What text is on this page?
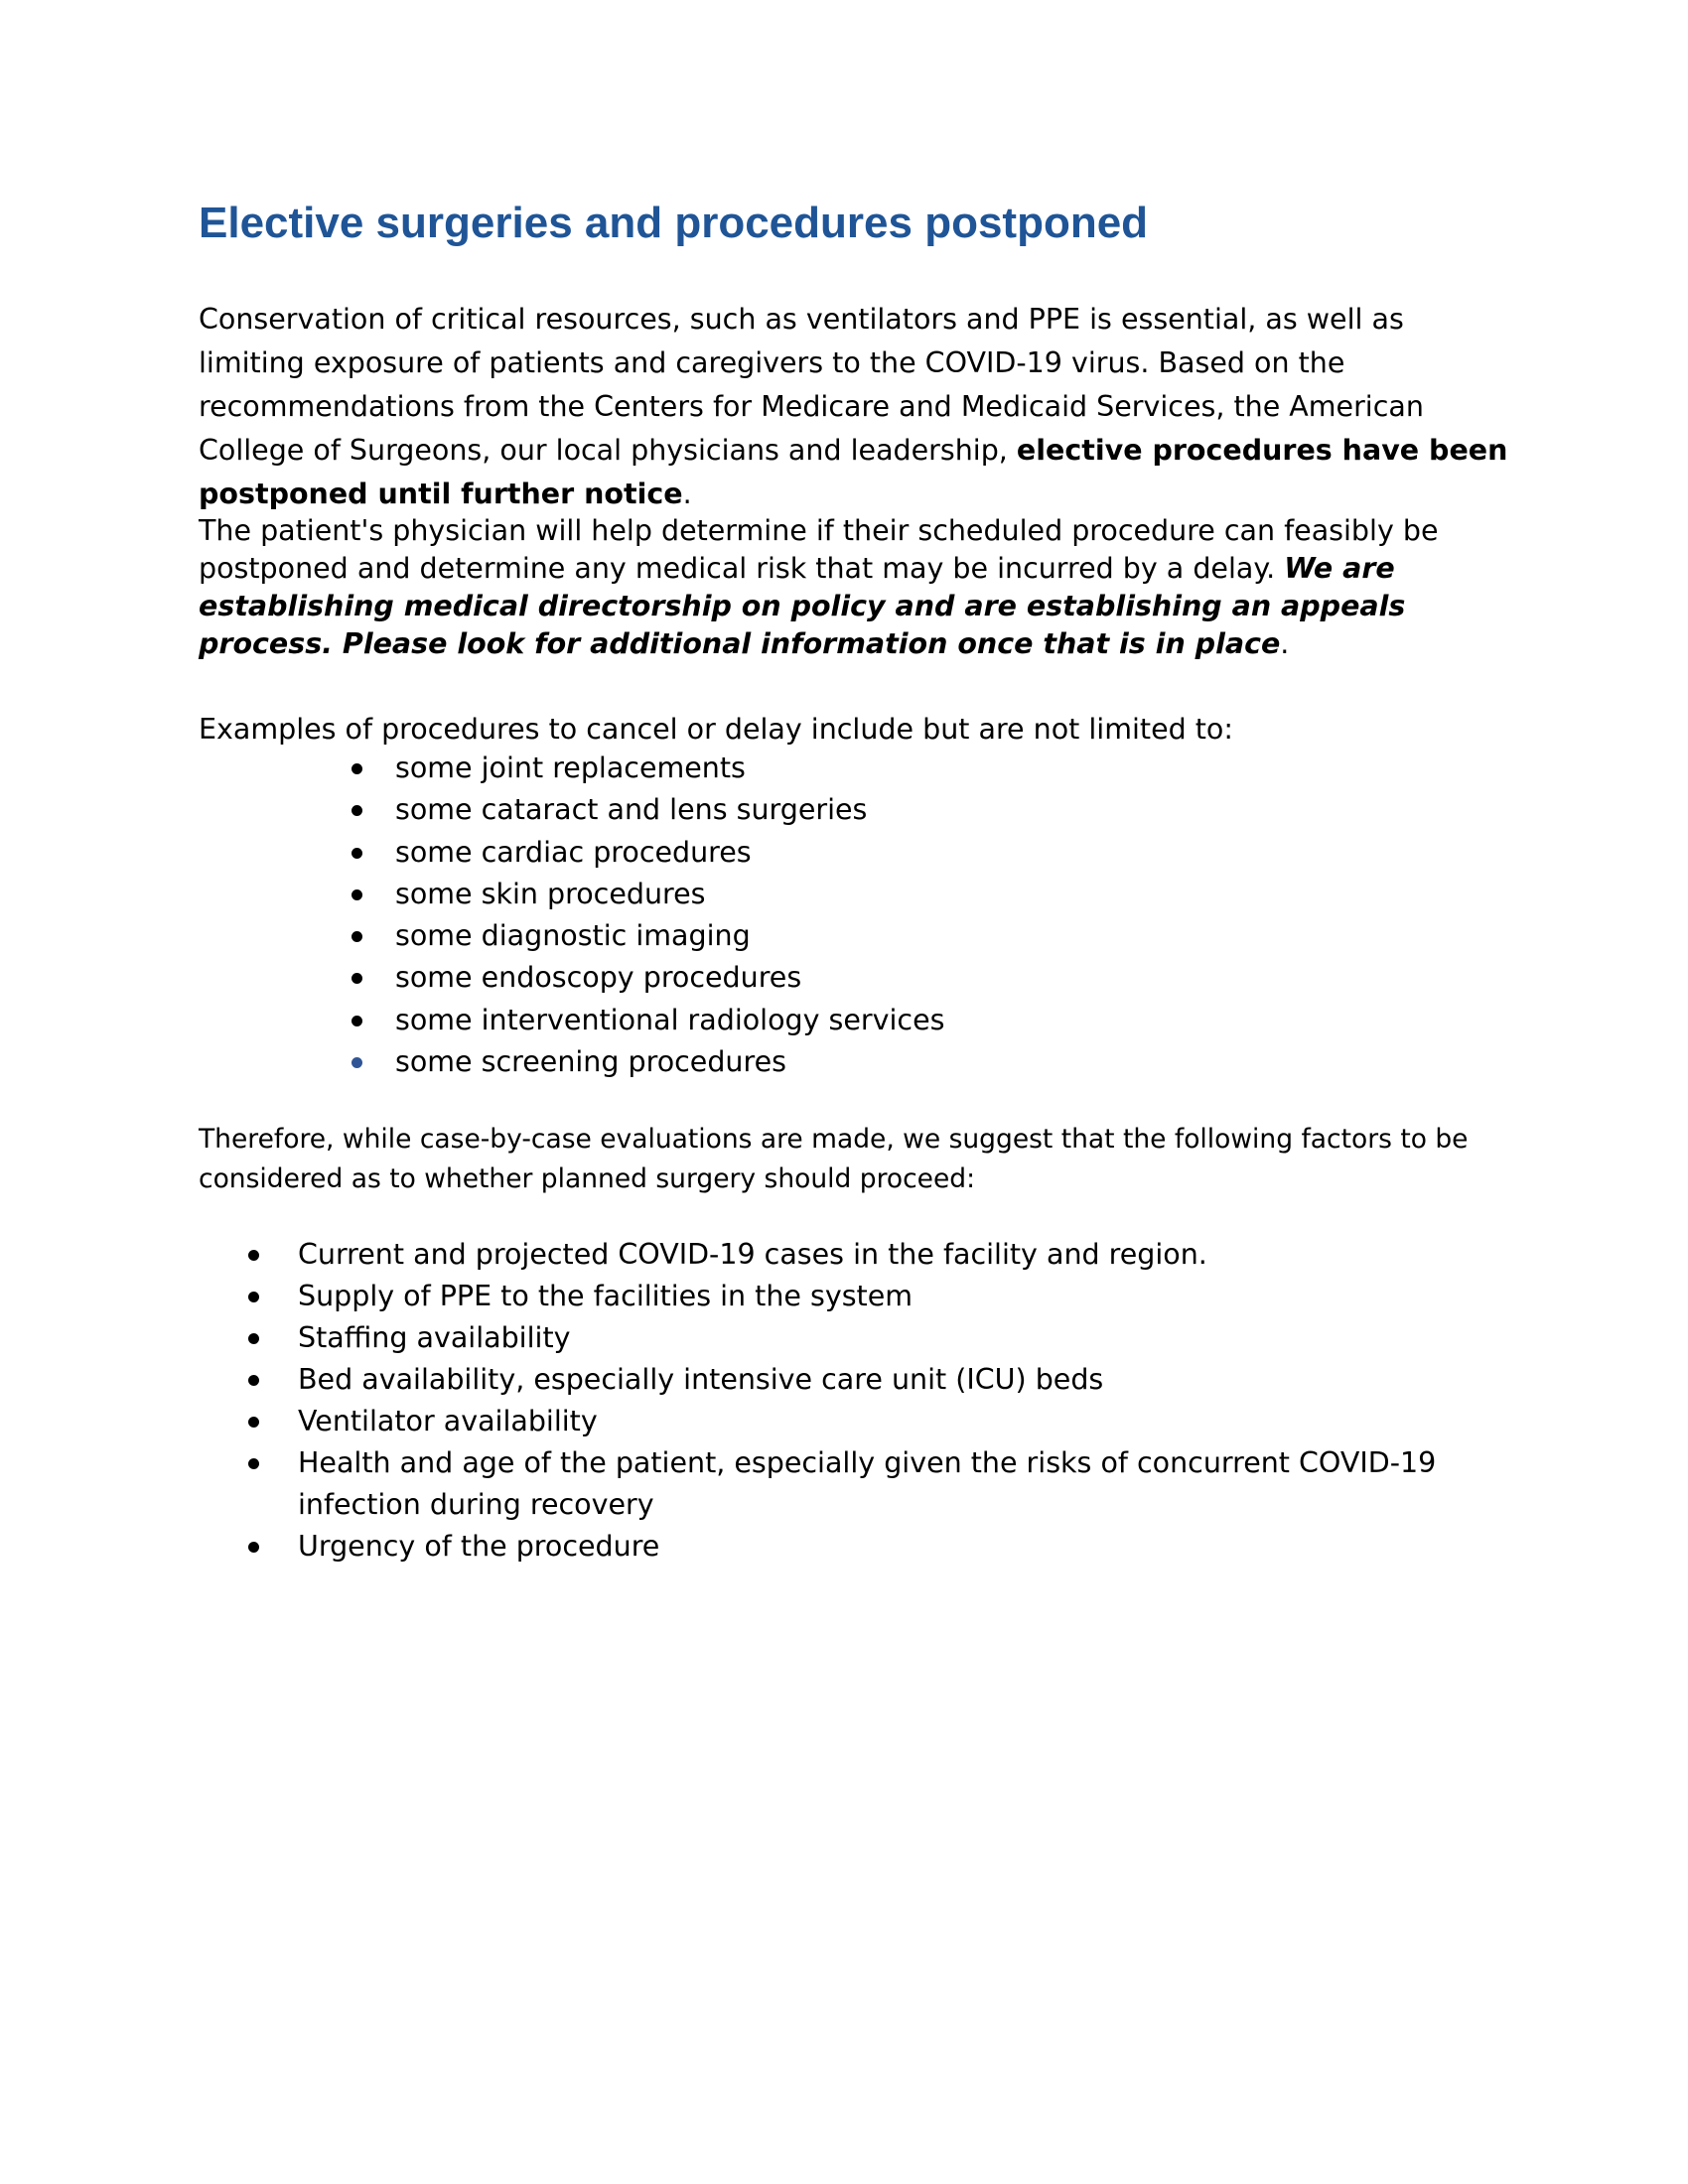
Elective surgeries and procedures postponed

Conservation of critical resources, such as ventilators and PPE is essential, as well as limiting exposure of patients and caregivers to the COVID-19 virus. Based on the recommendations from the Centers for Medicare and Medicaid Services, the American College of Surgeons, our local physicians and leadership, elective procedures have been postponed until further notice.

The patient's physician will help determine if their scheduled procedure can feasibly be postponed and determine any medical risk that may be incurred by a delay. We are establishing medical directorship on policy and are establishing an appeals process. Please look for additional information once that is in place.

Examples of procedures to cancel or delay include but are not limited to:

some joint replacements
some cataract and lens surgeries
some cardiac procedures
some skin procedures
some diagnostic imaging
some endoscopy procedures
some interventional radiology services
some screening procedures

Therefore, while case-by-case evaluations are made, we suggest that the following factors to be considered as to whether planned surgery should proceed:

Current and projected COVID-19 cases in the facility and region.
Supply of PPE to the facilities in the system
Staffing availability
Bed availability, especially intensive care unit (ICU) beds
Ventilator availability
Health and age of the patient, especially given the risks of concurrent COVID-19 infection during recovery
Urgency of the procedure
